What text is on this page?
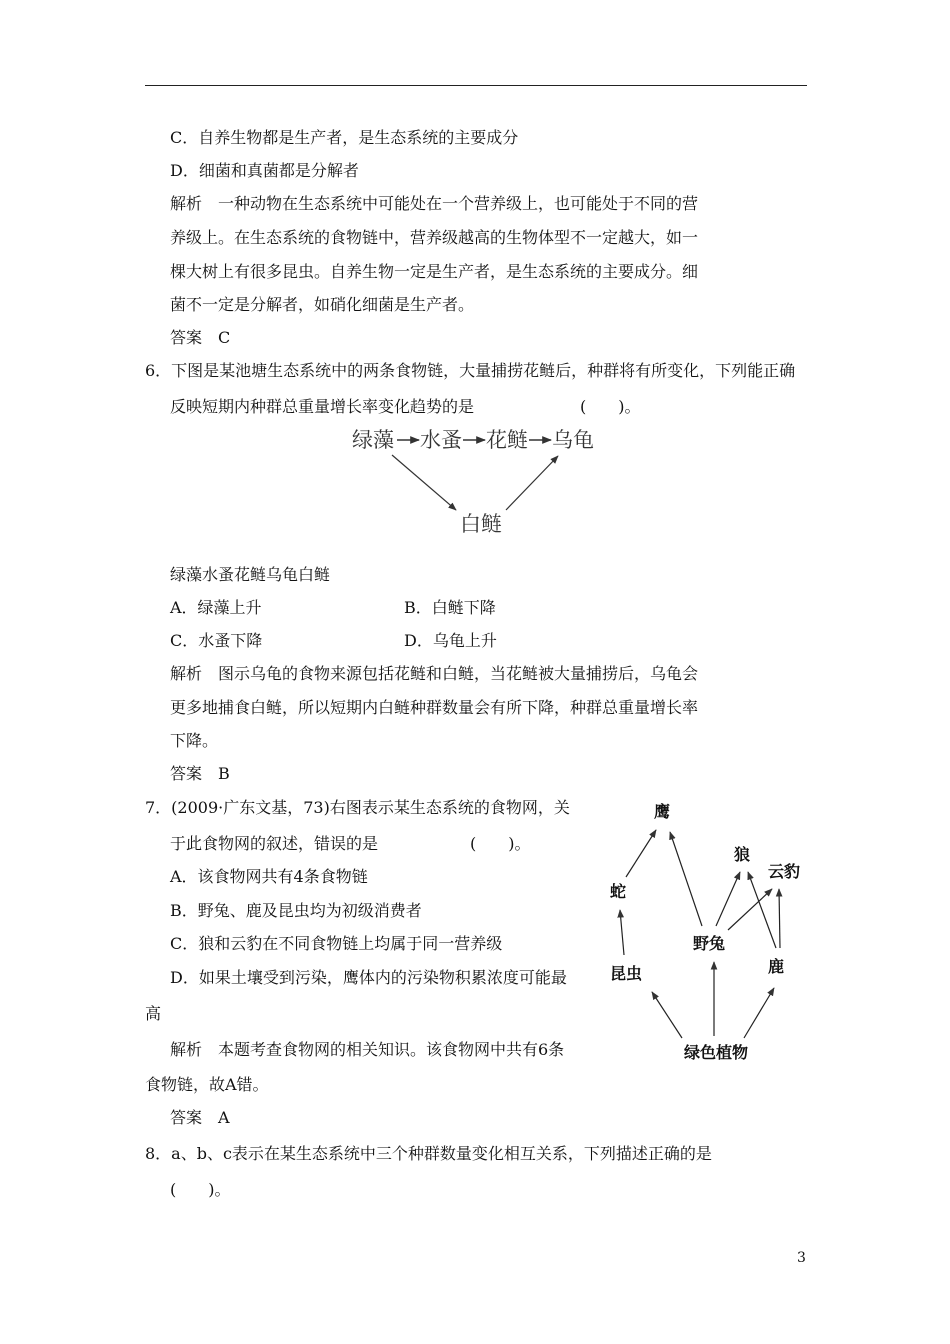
C．自养生物都是生产者，是生态系统的主要成分
D．细菌和真菌都是分解者
解析　一种动物在生态系统中可能处在一个营养级上，也可能处于不同的营
养级上。在生态系统的食物链中，营养级越高的生物体型不一定越大，如一
棵大树上有很多昆虫。自养生物一定是生产者，是生态系统的主要成分。细
菌不一定是分解者，如硝化细菌是生产者。
答案　C
6．下图是某池塘生态系统中的两条食物链，大量捕捞花鲢后，种群将有所变化，下列能正确
反映短期内种群总重量增长率变化趋势的是	(　　)。
绿藻 水蚤 花鲢 乌龟
白鲢
绿藻水蚤花鲢乌龟白鲢
A．绿藻上升	B．白鲢下降
C．水蚤下降	D．乌龟上升
解析　图示乌龟的食物来源包括花鲢和白鲢，当花鲢被大量捕捞后，乌龟会
更多地捕食白鲢，所以短期内白鲢种群数量会有所下降，种群总重量增长率
下降。
答案　B
7．(2009·广东文基，73)右图表示某生态系统的食物网，关
于此食物网的叙述，错误的是	(　　)。
A．该食物网共有4条食物链
B．野兔、鹿及昆虫均为初级消费者
C．狼和云豹在不同食物链上均属于同一营养级
D．如果土壤受到污染，鹰体内的污染物积累浓度可能最
高
解析　本题考查食物网的相关知识。该食物网中共有6条
食物链，故A错。
答案　A
鹰
狼
云豹
蛇
野兔
昆虫	鹿
绿色植物
8．a、b、c表示在某生态系统中三个种群数量变化相互关系，下列描述正确的是
(　　)。
3
